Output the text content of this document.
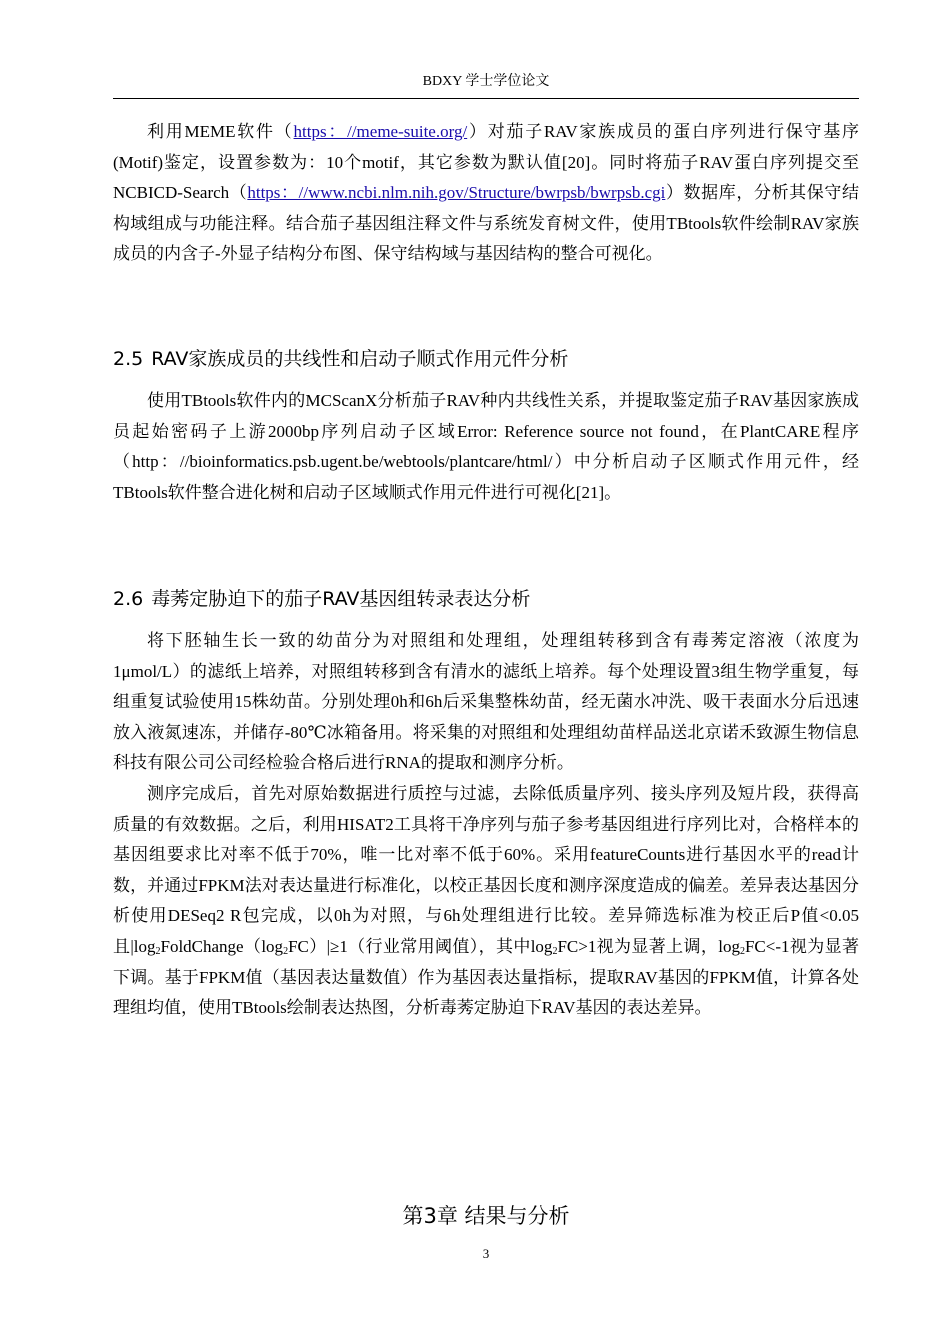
BDXY 学士学位论文

利用MEME软件（https：//meme-suite.org/）对茄子RAV家族成员的蛋白序列进行保守基序(Motif)鉴定，设置参数为：10个motif，其它参数为默认值[20]。同时将茄子RAV蛋白序列提交至NCBICD-Search（https：//www.ncbi.nlm.nih.gov/Structure/bwrpsb/bwrpsb.cgi）数据库，分析其保守结构域组成与功能注释。结合茄子基因组注释文件与系统发育树文件，使用TBtools软件绘制RAV家族成员的内含子-外显子结构分布图、保守结构域与基因结构的整合可视化。

2.5 RAV家族成员的共线性和启动子顺式作用元件分析

使用TBtools软件内的MCScanX分析茄子RAV种内共线性关系，并提取鉴定茄子RAV基因家族成员起始密码子上游2000bp序列启动子区域Error: Reference source not found，在PlantCARE程序（http：//bioinformatics.psb.ugent.be/webtools/plantcare/html/）中分析启动子区顺式作用元件，经TBtools软件整合进化树和启动子区域顺式作用元件进行可视化[21]。

2.6 毒莠定胁迫下的茄子RAV基因组转录表达分析

将下胚轴生长一致的幼苗分为对照组和处理组，处理组转移到含有毒莠定溶液（浓度为1μmol/L）的滤纸上培养，对照组转移到含有清水的滤纸上培养。每个处理设置3组生物学重复，每组重复试验使用15株幼苗。分别处理0h和6h后采集整株幼苗，经无菌水冲洗、吸干表面水分后迅速放入液氮速冻，并储存-80℃冰箱备用。将采集的对照组和处理组幼苗样品送北京诺禾致源生物信息科技有限公司公司经检验合格后进行RNA的提取和测序分析。

测序完成后，首先对原始数据进行质控与过滤，去除低质量序列、接头序列及短片段，获得高质量的有效数据。之后，利用HISAT2工具将干净序列与茄子参考基因组进行序列比对，合格样本的基因组要求比对率不低于70%，唯一比对率不低于60%。采用featureCounts进行基因水平的read计数，并通过FPKM法对表达量进行标准化，以校正基因长度和测序深度造成的偏差。差异表达基因分析使用DESeq2 R包完成，以0h为对照，与6h处理组进行比较。差异筛选标准为校正后P值<0.05且$|\log_2FoldChange(\log_2FC)|\ge 1$（行业常用阈值），其中$\log_2FC>1$视为显著上调，$\log_2FC<-1$视为显著下调。基于FPKM值（基因表达量数值）作为基因表达量指标，提取RAV基因的FPKM值，计算各处理组均值，使用TBtools绘制表达热图，分析毒莠定胁迫下RAV基因的表达差异。

第3章 结果与分析
3
